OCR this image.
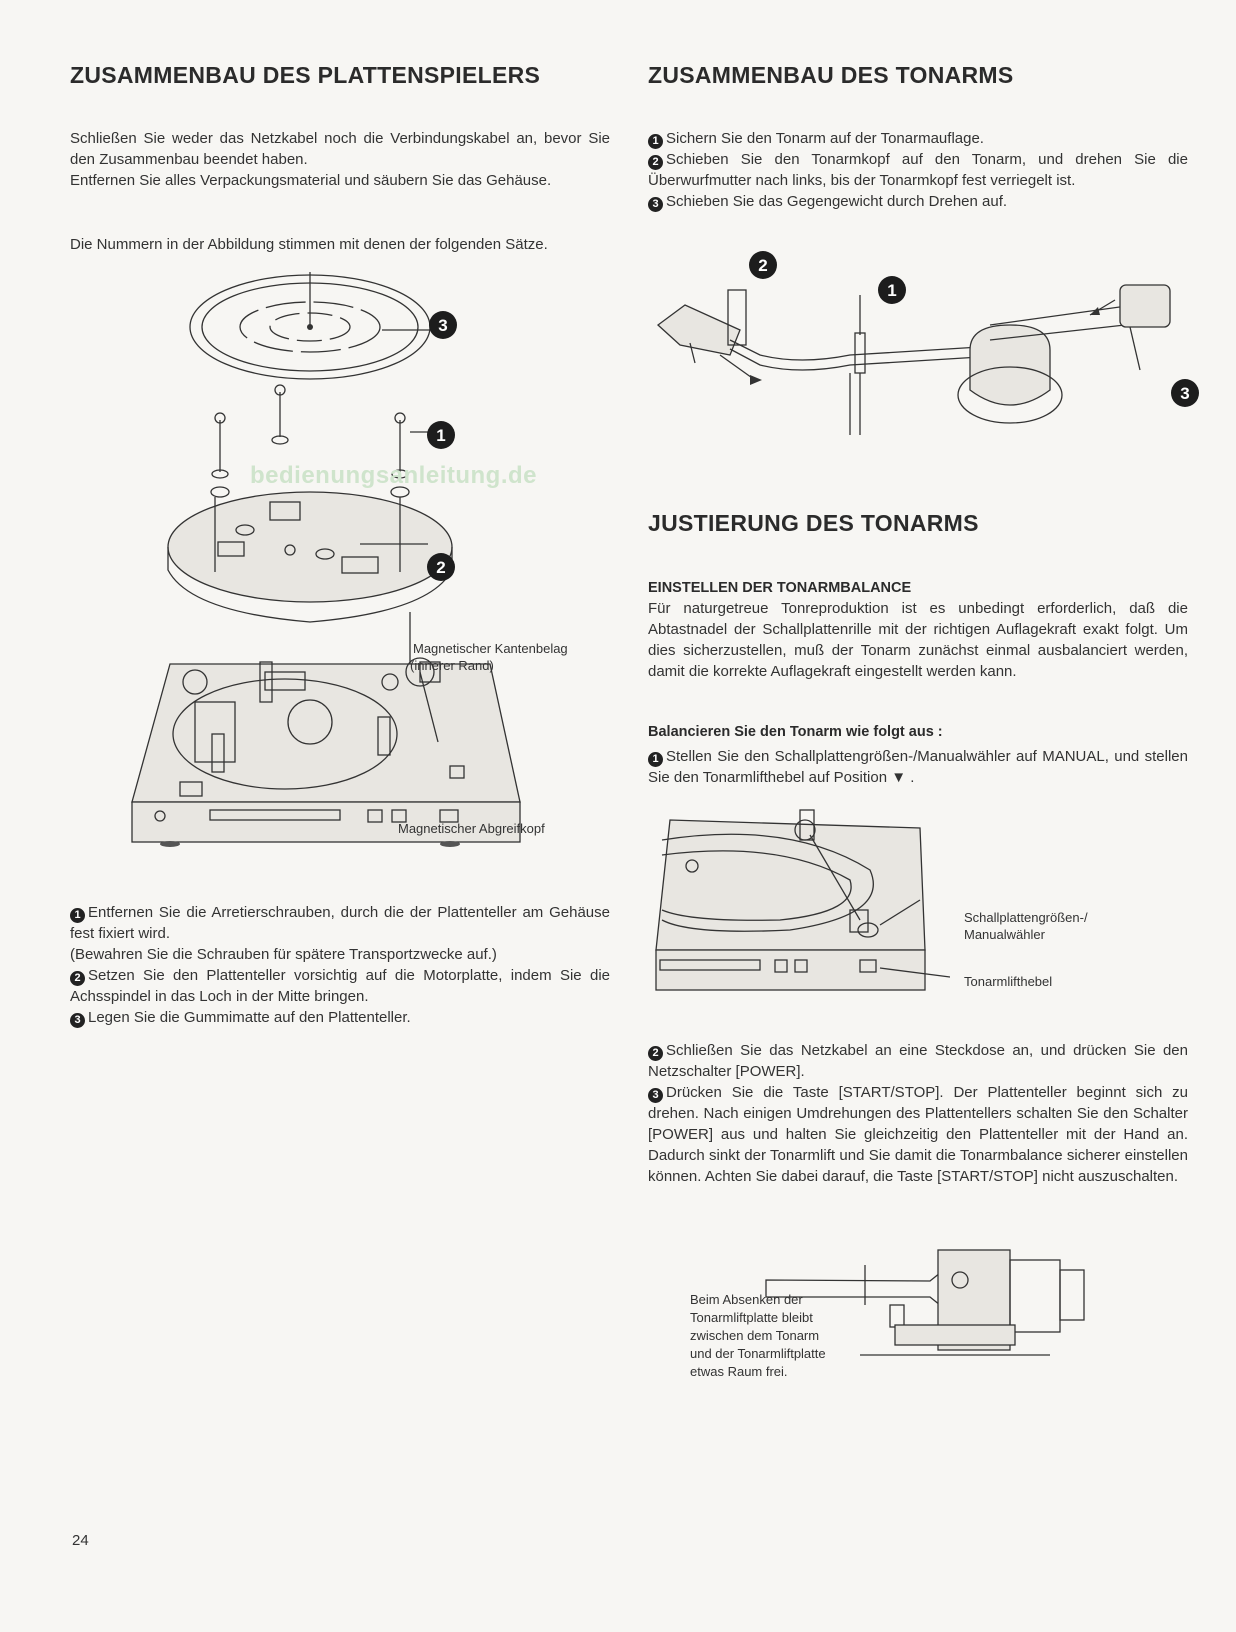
ZUSAMMENBAU DES PLATTENSPIELERS

Schließen Sie weder das Netzkabel noch die Verbindungskabel an, bevor Sie den Zusammenbau beendet haben.
Entfernen Sie alles Verpackungsmaterial und säubern Sie das Gehäuse.

Die Nummern in der Abbildung stimmen mit denen der folgenden Sätze.

3
1
2
Magnetischer Kantenbelag
(innerer Rand)
Magnetischer Abgreifkopf
bedienungsanleitung.de
1 Entfernen Sie die Arretierschrauben, durch die der Plattenteller am Gehäuse fest fixiert wird.
(Bewahren Sie die Schrauben für spätere Transportzwecke auf.)
2 Setzen Sie den Plattenteller vorsichtig auf die Motorplatte, indem Sie die Achsspindel in das Loch in der Mitte bringen.
3 Legen Sie die Gummimatte auf den Plattenteller.
24
ZUSAMMENBAU DES TONARMS
1 Sichern Sie den Tonarm auf der Tonarmauflage.
2 Schieben Sie den Tonarmkopf auf den Tonarm, und drehen Sie die Überwurfmutter nach links, bis der Tonarmkopf fest verriegelt ist.
3 Schieben Sie das Gegengewicht durch Drehen auf.
2
1
3
JUSTIERUNG DES TONARMS
EINSTELLEN DER TONARMBALANCE

Für naturgetreue Tonreproduktion ist es unbedingt erforderlich, daß die Abtastnadel der Schallplattenrille mit der richtigen Auflagekraft exakt folgt. Um dies sicherzustellen, muß der Tonarm zunächst einmal ausbalanciert werden, damit die korrekte Auflagekraft eingestellt werden kann.

Balancieren Sie den Tonarm wie folgt aus :

1 Stellen Sie den Schallplattengrößen-/Manualwähler auf MANUAL, und stellen Sie den Tonarmlifthebel auf Position ▼ .

Schallplattengrößen-/
Manualwähler
Tonarmlifthebel

2 Schließen Sie das Netzkabel an eine Steckdose an, und drücken Sie den Netzschalter [POWER].

3 Drücken Sie die Taste [START/STOP]. Der Plattenteller beginnt sich zu drehen. Nach einigen Umdrehungen des Plattentellers schalten Sie den Schalter [POWER] aus und halten Sie gleichzeitig den Plattenteller mit der Hand an. Dadurch sinkt der Tonarmlift und Sie damit die Tonarmbalance sicherer einstellen können. Achten Sie dabei darauf, die Taste [START/STOP] nicht auszuschalten.

Beim Absenken der
Tonarmliftplatte bleibt
zwischen dem Tonarm
und der Tonarmliftplatte
etwas Raum frei.
